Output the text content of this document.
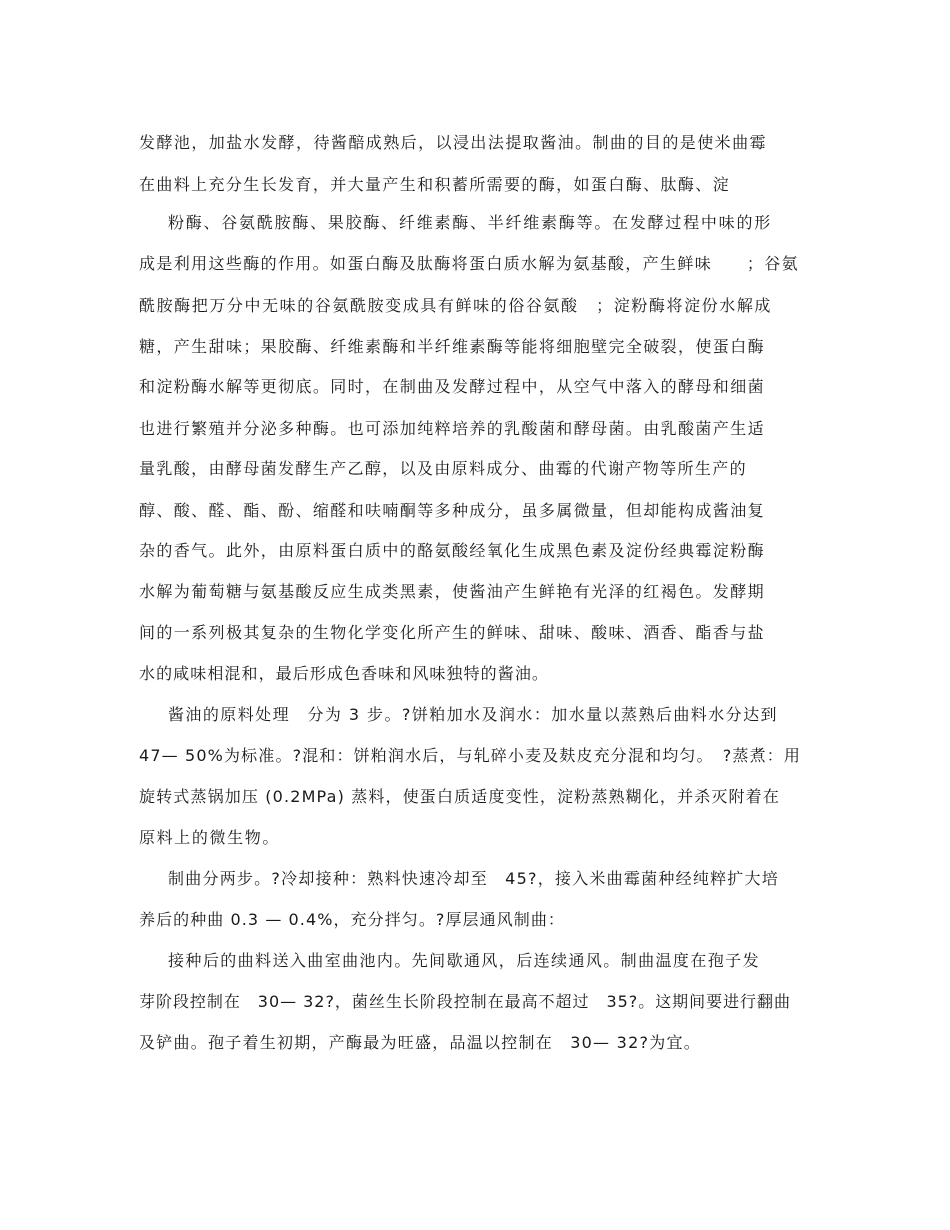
发酵池，加盐水发酵，待酱醅成熟后，以浸出法提取酱油。制曲的目的是使米曲霉
在曲料上充分生长发育，并大量产生和积蓄所需要的酶，如蛋白酶、肽酶、淀
粉酶、谷氨酰胺酶、果胶酶、纤维素酶、半纤维素酶等。在发酵过程中味的形
成是利用这些酶的作用。如蛋白酶及肽酶将蛋白质水解为氨基酸，产生鲜味　　；谷氨
酰胺酶把万分中无味的谷氨酰胺变成具有鲜味的俗谷氨酸　；淀粉酶将淀份水解成
糖，产生甜味；果胶酶、纤维素酶和半纤维素酶等能将细胞壁完全破裂，使蛋白酶
和淀粉酶水解等更彻底。同时，在制曲及发酵过程中，从空气中落入的酵母和细菌
也进行繁殖并分泌多种酶。也可添加纯粹培养的乳酸菌和酵母菌。由乳酸菌产生适
量乳酸，由酵母菌发酵生产乙醇，以及由原料成分、曲霉的代谢产物等所生产的
醇、酸、醛、酯、酚、缩醛和呋喃酮等多种成分，虽多属微量，但却能构成酱油复
杂的香气。此外，由原料蛋白质中的酪氨酸经氧化生成黑色素及淀份经典霉淀粉酶
水解为葡萄糖与氨基酸反应生成类黑素，使酱油产生鲜艳有光泽的红褐色。发酵期
间的一系列极其复杂的生物化学变化所产生的鲜味、甜味、酸味、酒香、酯香与盐
水的咸味相混和，最后形成色香味和风味独特的酱油。
酱油的原料处理　分为 3 步。?饼粕加水及润水：加水量以蒸熟后曲料水分达到
47— 50%为标准。?混和：饼粕润水后，与轧碎小麦及麸皮充分混和均匀。　?蒸煮：用
旋转式蒸锅加压 (0.2MPa) 蒸料，使蛋白质适度变性，淀粉蒸熟糊化，并杀灭附着在
原料上的微生物。
制曲分两步。?冷却接种：熟料快速冷却至　45?，接入米曲霉菌种经纯粹扩大培
养后的种曲 0.3 — 0.4%，充分拌匀。?厚层通风制曲：
接种后的曲料送入曲室曲池内。先间歇通风，后连续通风。制曲温度在孢子发
芽阶段控制在　30— 32?，菌丝生长阶段控制在最高不超过　35?。这期间要进行翻曲
及铲曲。孢子着生初期，产酶最为旺盛，品温以控制在　30— 32?为宜。
